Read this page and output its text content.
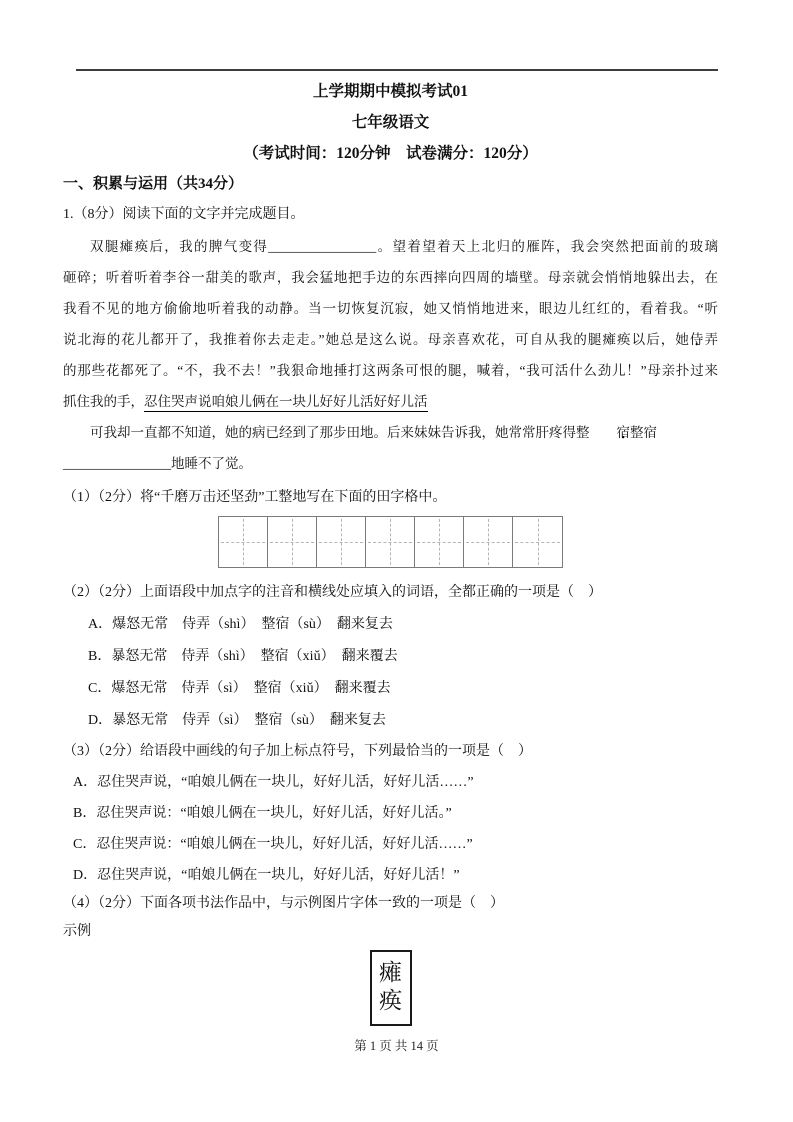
上学期期中模拟考试01
七年级语文
（考试时间：120分钟　试卷满分：120分）
一、积累与运用（共34分）
1.（8分）阅读下面的文字并完成题目。
双腿瘫痪后，我的脾气变得________________。望着望着天上北归的雁阵，我会突然把面前的玻璃
砸碎；听着听着李谷一甜美的歌声，我会猛地把手边的东西摔向四周的墙壁。母亲就会悄悄地躲出去，在
我看不见的地方偷偷地听着我的动静。当一切恢复沉寂，她又悄悄地进来，眼边儿红红的，看着我。“听
说北海的花儿都开了，我推着你去走走。”她总是这么说。母亲喜欢花，可自从我的腿瘫痪以后，她侍 •弄
的那些花都死了。“不，我不去！”我狠命地捶打这两条可恨的腿，喊着，“我可活什么劲儿！”母亲扑过来
抓住我的手，忍住哭声说咱娘儿俩在一块儿好好儿活好好儿活
可我却一直都不知道，她的病已经到了那步田地。后来妹妹告诉我，她常常肝疼得整 宿 •整宿
________________地睡不了觉。
（1）（2分）将“千磨万击还坚劲”工整地写在下面的田字格中。
（2）（2分）上面语段中加点字的注音和横线处应填入的词语，全都正确的一项是（　）
A．爆怒无常　侍弄（shì）　整宿（sù）　翻来复去
B．暴怒无常　侍弄（shì）　整宿（xiǔ）　翻来覆去
C．爆怒无常　侍弄（sì）　整宿（xiǔ）　翻来覆去
D．暴怒无常　侍弄（sì）　整宿（sù）　翻来复去
（3）（2分）给语段中画线的句子加上标点符号，下列最恰当的一项是（　）
A．忍住哭声说，“咱娘儿俩在一块儿，好好儿活，好好儿活……”
B．忍住哭声说：“咱娘儿俩在一块儿，好好儿活，好好儿活。”
C．忍住哭声说：“咱娘儿俩在一块儿，好好儿活，好好儿活……”
D．忍住哭声说，“咱娘儿俩在一块儿，好好儿活，好好儿活！”
（4）（2分）下面各项书法作品中，与示例图片字体一致的一项是（　）
示例
瘫
痪
第 1 页 共 14 页
